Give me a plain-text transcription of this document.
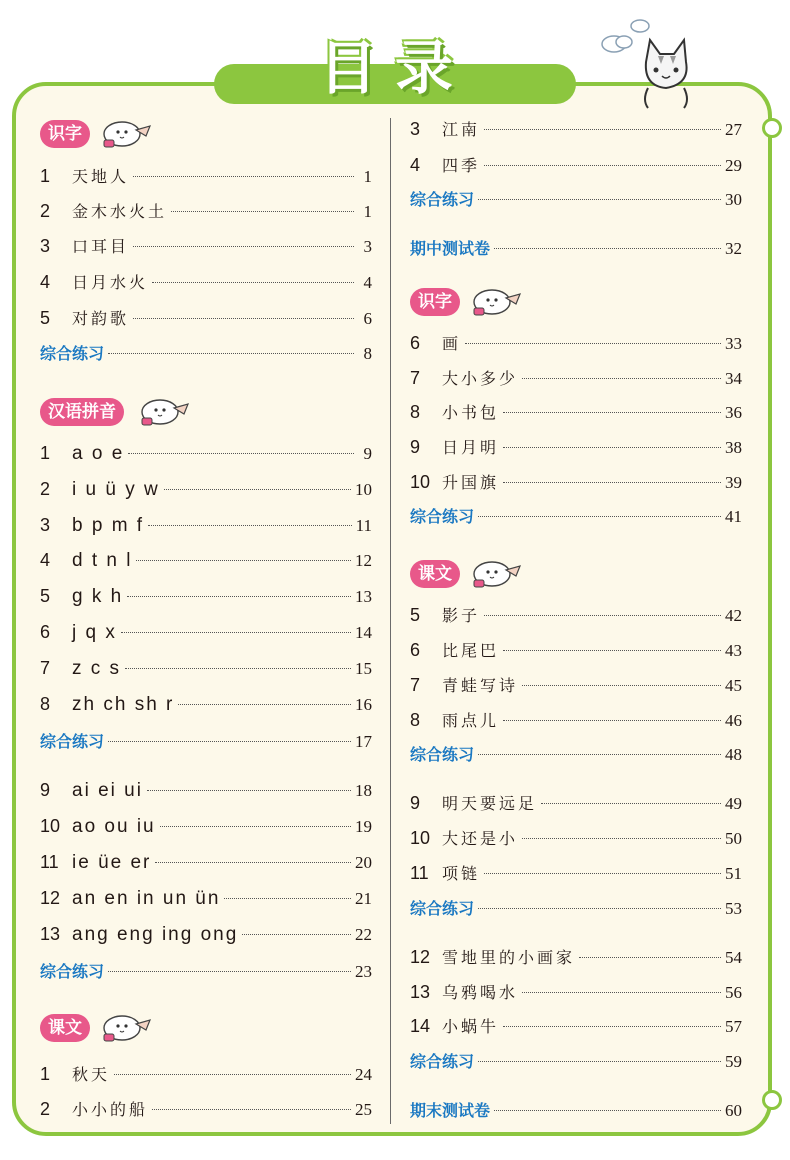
目录
识字
1	天地人	1
2	金木水火土	1
3	口耳目	3
4	日月水火	4
5	对韵歌	6
综合练习	8
汉语拼音
1	a o e	9
2	i u ü y w	10
3	b p m f	11
4	d t n l	12
5	g k h	13
6	j q x	14
7	z c s	15
8	zh ch sh r	16
综合练习	17
9	ai ei ui	18
10 ao ou iu	19
11 ie üe er	20
12 an en in un ün	21
13 ang eng ing ong	22
综合练习	23
课文
1	秋天	24
2	小小的船	25
3	江南	27
4	四季	29
综合练习	30
期中测试卷	32
识字
6	画	33
7	大小多少	34
8	小书包	36
9	日月明	38
10 升国旗	39
综合练习	41
课文
5	影子	42
6	比尾巴	43
7	青蛙写诗	45
8	雨点儿	46
综合练习	48
9	明天要远足	49
10 大还是小	50
11 项链	51
综合练习	53
12 雪地里的小画家	54
13 乌鸦喝水	56
14 小蜗牛	57
综合练习	59
期末测试卷	60
